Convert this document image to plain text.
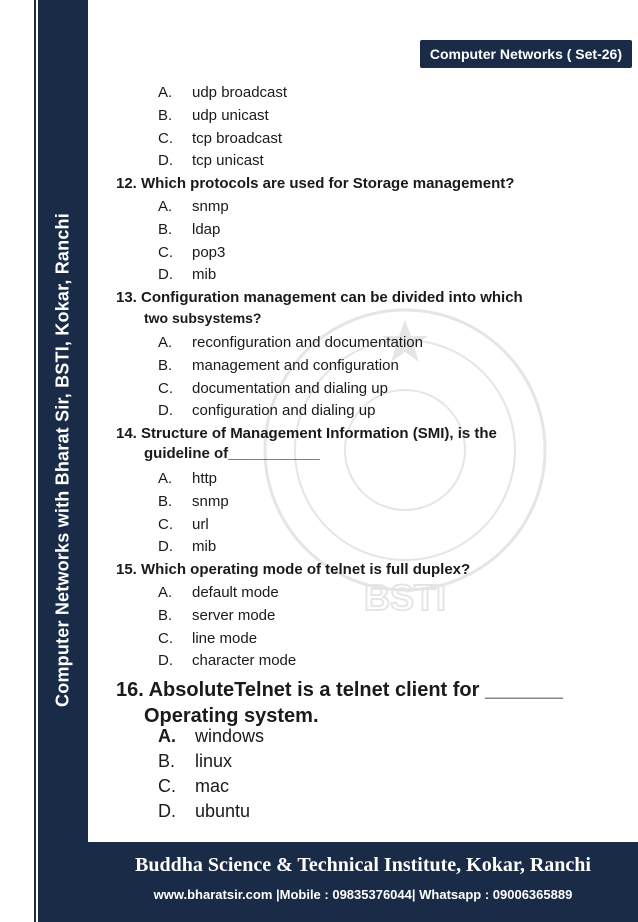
Computer Networks with Bharat Sir, BSTI, Kokar, Ranchi
Computer Networks ( Set-26)
BSTI
A. udp broadcast
B. udp unicast
C. tcp broadcast
D. tcp unicast
12. Which protocols are used for Storage management?
A. snmp
B. ldap
C. pop3
D. mib
13. Configuration management can be divided into which
two subsystems?
A. reconfiguration and documentation
B. management and configuration
C. documentation and dialing up
D. configuration and dialing up
14. Structure of Management Information (SMI), is the
guideline of___________
A. http
B. snmp
C. url
D. mib
15. Which operating mode of telnet is full duplex?
A. default mode
B. server mode
C. line mode
D. character mode
16. AbsoluteTelnet is a telnet client for _______
Operating system.
A. windows
B. linux
C. mac
D. ubuntu
Buddha Science & Technical Institute, Kokar, Ranchi
www.bharatsir.com |Mobile : 09835376044| Whatsapp : 09006365889
